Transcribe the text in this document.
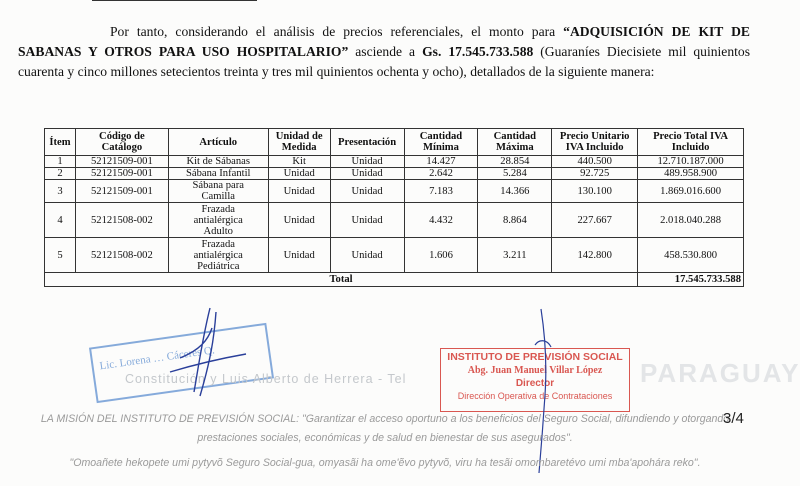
Por tanto, considerando el análisis de precios referenciales, el monto para “ADQUISICIÓN DE KIT DE SABANAS Y OTROS PARA USO HOSPITALARIO” asciende a Gs. 17.545.733.588 (Guaraníes Diecisiete mil quinientos cuarenta y cinco millones setecientos treinta y tres mil quinientos ochenta y ocho), detallados de la siguiente manera:

Ítem	Código de Catálogo	Artículo	Unidad de Medida	Presentación	Cantidad Mínima	Cantidad Máxima	Precio Unitario IVA Incluido	Precio Total IVA Incluido
1	52121509-001	Kit de Sábanas	Kit	Unidad	14.427	28.854	440.500	12.710.187.000
2	52121509-001	Sábana Infantil	Unidad	Unidad	2.642	5.284	92.725	489.958.900
3	52121509-001	Sábana para Camilla	Unidad	Unidad	7.183	14.366	130.100	1.869.016.600
4	52121508-002	Frazada antialérgica Adulto	Unidad	Unidad	4.432	8.864	227.667	2.018.040.288
5	52121508-002	Frazada antialérgica Pediátrica	Unidad	Unidad	1.606	3.211	142.800	458.530.800
Total								17.545.733.588
PARAGUAY
Lic. Lorena … Cáceres Q.
Constitución y Luis Alberto de Herrera - Tel
INSTITUTO DE PREVISIÓN SOCIAL
Abg. Juan Manuel Villar López
Director
Dirección Operativa de Contrataciones
LA MISIÓN DEL INSTITUTO DE PREVISIÓN SOCIAL: "Garantizar el acceso oportuno a los beneficios del Seguro Social, difundiendo y otorgando
prestaciones sociales, económicas y de salud en bienestar de sus asegurados".
3/4
"Omoañete hekopete umi pytyvõ Seguro Social-gua, omyasãi ha ome'ẽvo pytyvõ, viru ha tesãi omombaretévo umi mba'apohára reko".
